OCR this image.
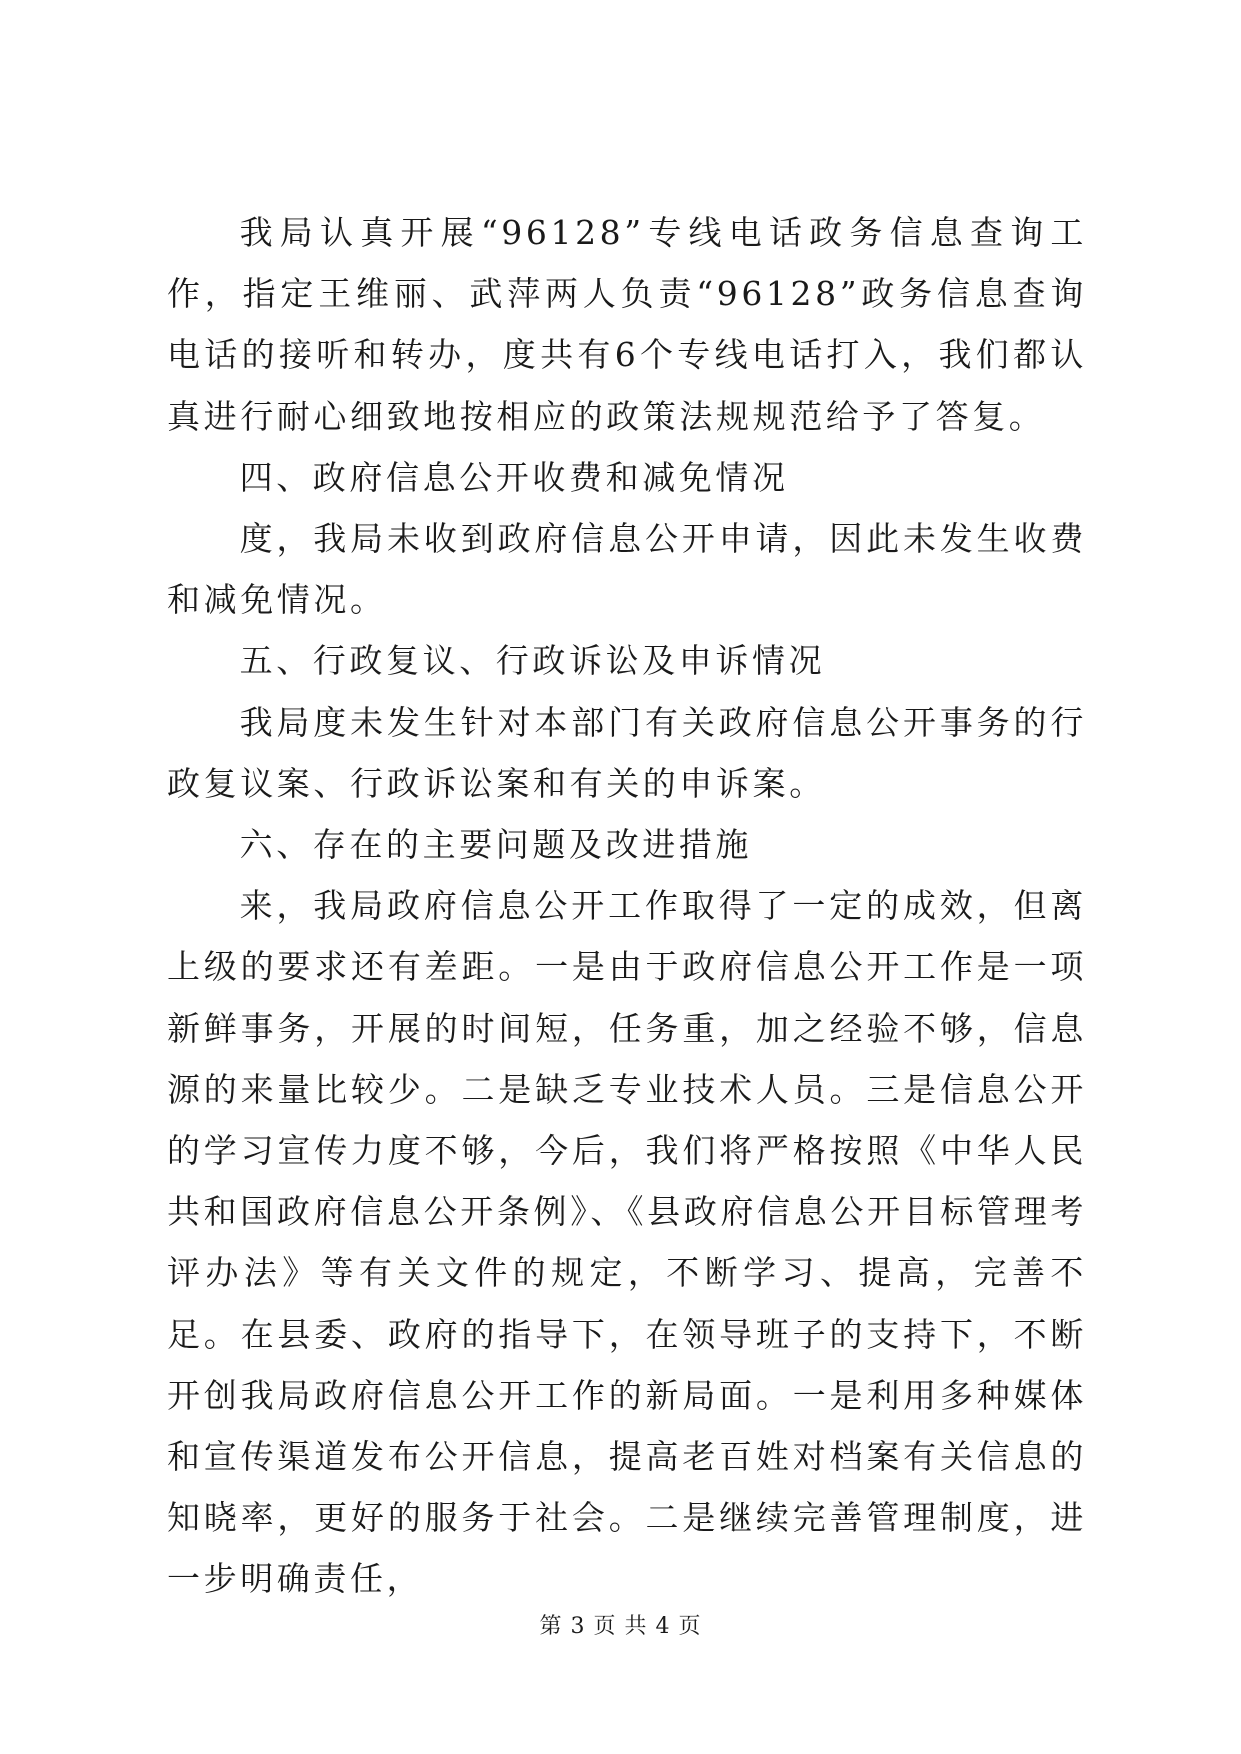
我局认真开展“96128”专线电话政务信息查询工作，指定王维丽、武萍两人负责“96128”政务信息查询电话的接听和转办，度共有6个专线电话打入，我们都认真进行耐心细致地按相应的政策法规规范给予了答复。

四、政府信息公开收费和减免情况

度，我局未收到政府信息公开申请，因此未发生收费和减免情况。

五、行政复议、行政诉讼及申诉情况

我局度未发生针对本部门有关政府信息公开事务的行政复议案、行政诉讼案和有关的申诉案。

六、存在的主要问题及改进措施

来，我局政府信息公开工作取得了一定的成效，但离上级的要求还有差距。一是由于政府信息公开工作是一项新鲜事务，开展的时间短，任务重，加之经验不够，信息源的来量比较少。二是缺乏专业技术人员。三是信息公开的学习宣传力度不够，今后，我们将严格按照《中华人民共和国政府信息公开条例》、《县政府信息公开目标管理考评办法》等有关文件的规定，不断学习、提高，完善不足。在县委、政府的指导下，在领导班子的支持下，不断开创我局政府信息公开工作的新局面。一是利用多种媒体和宣传渠道发布公开信息，提高老百姓对档案有关信息的知晓率，更好的服务于社会。二是继续完善管理制度，进一步明确责任，

第 3 页 共 4 页
